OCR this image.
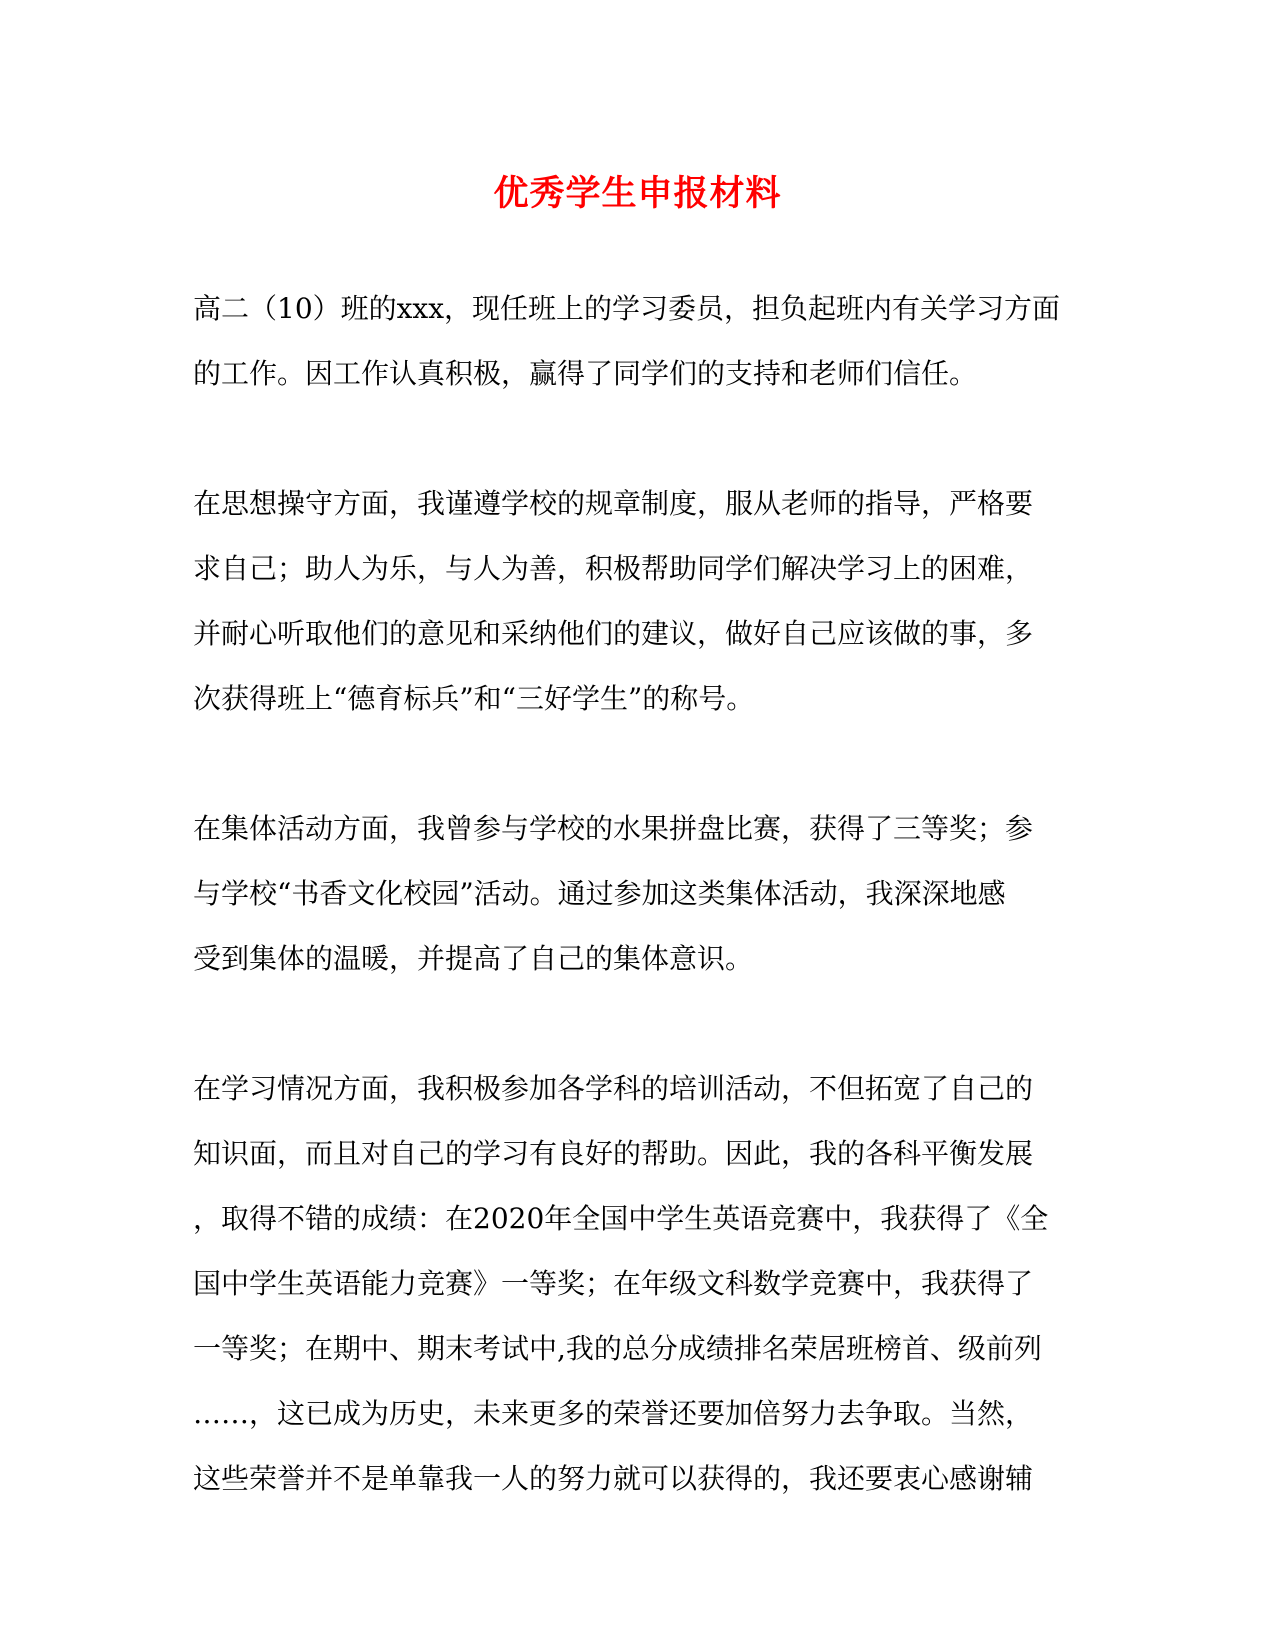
优秀学生申报材料

高二（10）班的xxx，现任班上的学习委员，担负起班内有关学习方面
的工作。因工作认真积极，赢得了同学们的支持和老师们信任。

在思想操守方面，我谨遵学校的规章制度，服从老师的指导，严格要
求自己；助人为乐，与人为善，积极帮助同学们解决学习上的困难，
并耐心听取他们的意见和采纳他们的建议，做好自己应该做的事，多
次获得班上“德育标兵”和“三好学生”的称号。

在集体活动方面，我曾参与学校的水果拼盘比赛，获得了三等奖；参
与学校“书香文化校园”活动。通过参加这类集体活动，我深深地感
受到集体的温暖，并提高了自己的集体意识。

在学习情况方面，我积极参加各学科的培训活动，不但拓宽了自己的
知识面，而且对自己的学习有良好的帮助。因此，我的各科平衡发展
，取得不错的成绩：在2020年全国中学生英语竞赛中，我获得了《全
国中学生英语能力竞赛》一等奖；在年级文科数学竞赛中，我获得了
一等奖；在期中、期末考试中,我的总分成绩排名荣居班榜首、级前列
……，这已成为历史，未来更多的荣誉还要加倍努力去争取。当然，
这些荣誉并不是单靠我一人的努力就可以获得的，我还要衷心感谢辅
